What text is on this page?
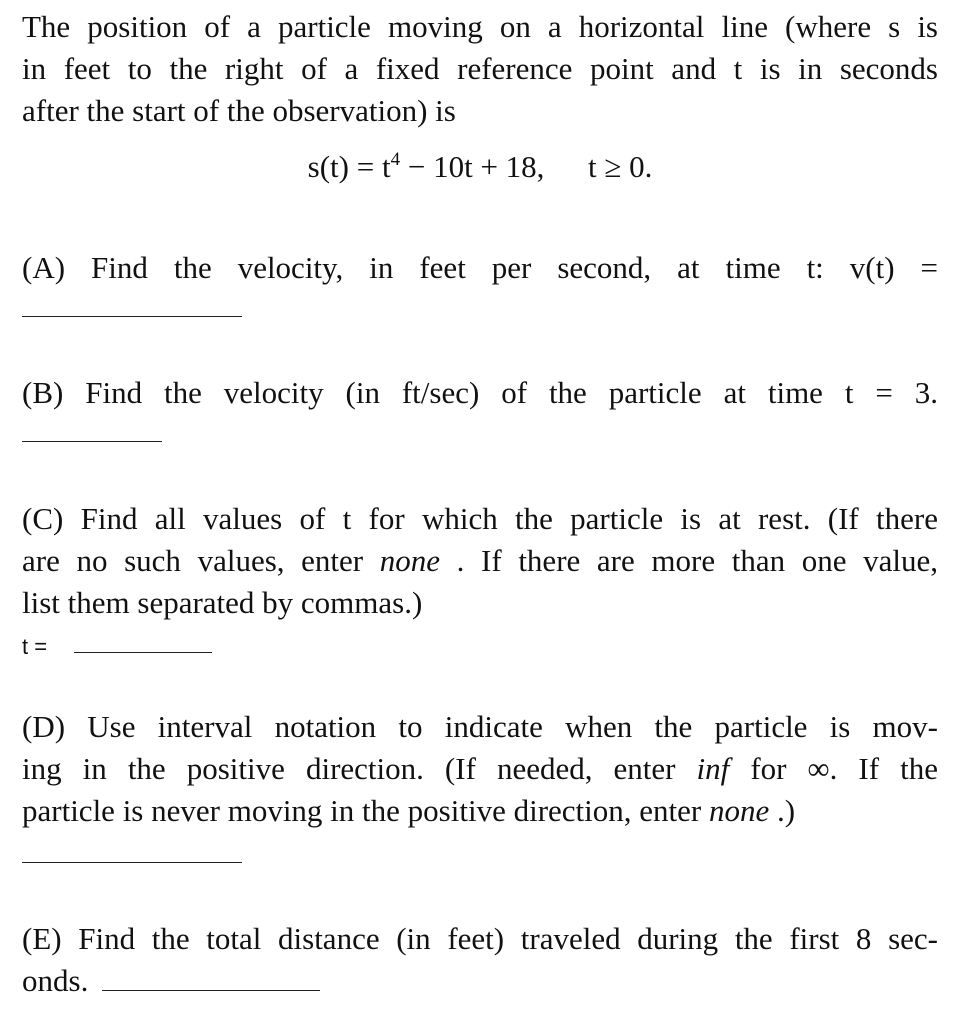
The position of a particle moving on a horizontal line (where s is
in feet to the right of a fixed reference point and t is in seconds
after the start of the observation) is
$s(t) = t^4 - 10t + 18$, t ≥ 0.
(A) Find the velocity, in feet per second, at time t: v(t) =
(B) Find the velocity (in ft/sec) of the particle at time t = 3.
(C) Find all values of t for which the particle is at rest. (If there
are no such values, enter none . If there are more than one value,
list them separated by commas.)
t =
(D) Use interval notation to indicate when the particle is mov-
ing in the positive direction. (If needed, enter inf for ∞. If the
particle is never moving in the positive direction, enter none .)
(E) Find the total distance (in feet) traveled during the first 8 sec-
onds.
